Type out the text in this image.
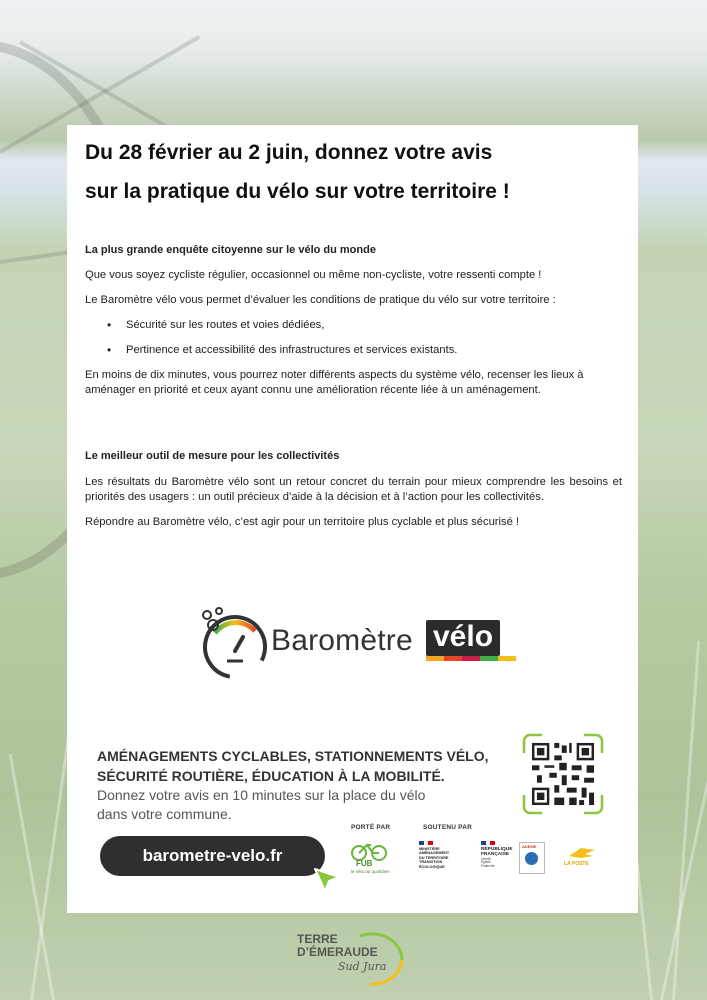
Du 28 février au 2 juin, donnez votre avis
sur la pratique du vélo sur votre territoire !

La plus grande enquête citoyenne sur le vélo du monde

Que vous soyez cycliste régulier, occasionnel ou même non-cycliste, votre ressenti compte !

Le Baromètre vélo vous permet d’évaluer les conditions de pratique du vélo sur votre territoire :

• Sécurité sur les routes et voies dédiées,
• Pertinence et accessibilité des infrastructures et services existants.

En moins de dix minutes, vous pourrez noter différents aspects du système vélo, recenser les lieux à aménager en priorité et ceux ayant connu une amélioration récente liée à un aménagement.

Le meilleur outil de mesure pour les collectivités

Les résultats du Baromètre vélo sont un retour concret du terrain pour mieux comprendre les besoins et priorités des usagers : un outil précieux d’aide à la décision et à l’action pour les collectivités.

Répondre au Baromètre vélo, c’est agir pour un territoire plus cyclable et plus sécurisé !

Baromètre vélo

AMÉNAGEMENTS CYCLABLES, STATIONNEMENTS VÉLO,
SÉCURITÉ ROUTIÈRE, ÉDUCATION À LA MOBILITÉ.

Donnez votre avis en 10 minutes sur la place du vélo
dans votre commune.

barometre-velo.fr
PORTÉ PAR	SOUTENU PAR
FUB
le vélo au quotidien
MINISTÈRE
AMÉNAGEMENT
DU TERRITOIRE
TRANSITION
ÉCOLOGIQUE
RÉPUBLIQUE
FRANÇAISE
Liberté
Égalité
Fraternité
ADEME
LA POSTE
TERRE
D’ÉMERAUDE
Sud Jura
